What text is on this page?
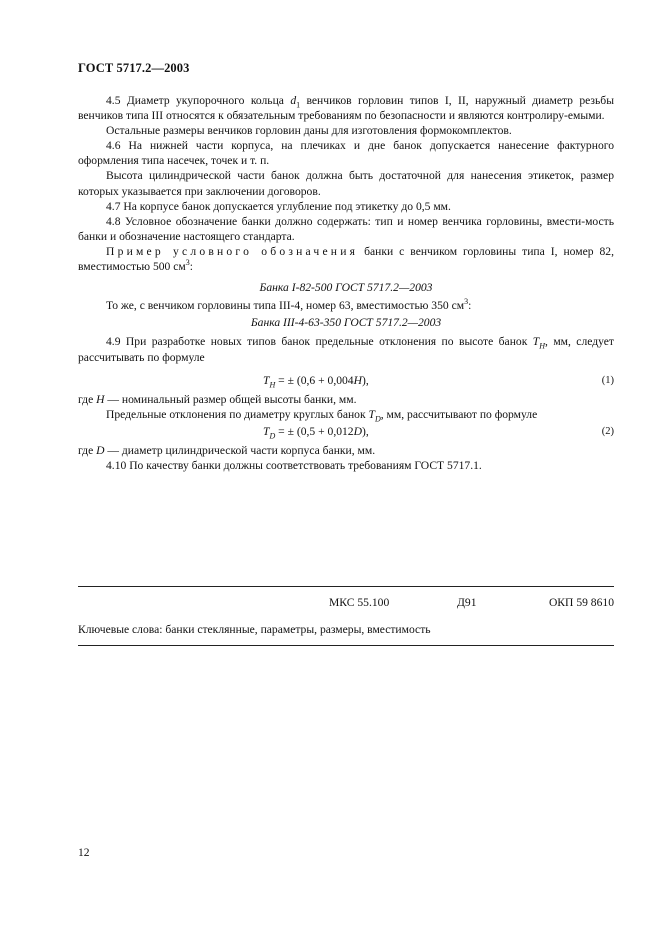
ГОСТ 5717.2—2003

4.5 Диаметр укупорочного кольца $d_1$ венчиков горловин типов I, II, наружный диаметр резьбы венчиков типа III относятся к обязательным требованиям по безопасности и являются контролиру-емыми.

Остальные размеры венчиков горловин даны для изготовления формокомплектов.

4.6 На нижней части корпуса, на плечиках и дне банок допускается нанесение фактурного оформления типа насечек, точек и т. п.

Высота цилиндрической части банок должна быть достаточной для нанесения этикеток, размер которых указывается при заключении договоров.

4.7 На корпусе банок допускается углубление под этикетку до 0,5 мм.

4.8 Условное обозначение банки должно содержать: тип и номер венчика горловины, вмести-мость банки и обозначение настоящего стандарта.

Пример условного обозначения банки с венчиком горловины типа I, номер 82, вместимостью 500 $см^3$:

Банка I-82-500 ГОСТ 5717.2—2003

То же, с венчиком горловины типа III-4, номер 63, вместимостью 350 $см^3$:

Банка III-4-63-350 ГОСТ 5717.2—2003

4.9 При разработке новых типов банок предельные отклонения по высоте банок $T_H$, мм, следует рассчитывать по формуле

$T_H$ = ± (0,6 + 0,004H),	(1)

где H — номинальный размер общей высоты банки, мм.

Предельные отклонения по диаметру круглых банок $T_D$, мм, рассчитывают по формуле

$T_D$ = ± (0,5 + 0,012D),	(2)

где D — диаметр цилиндрической части корпуса банки, мм.

4.10 По качеству банки должны соответствовать требованиям ГОСТ 5717.1.

МКС 55.100	Д91	ОКП 59 8610
Ключевые слова: банки стеклянные, параметры, размеры, вместимость
12
